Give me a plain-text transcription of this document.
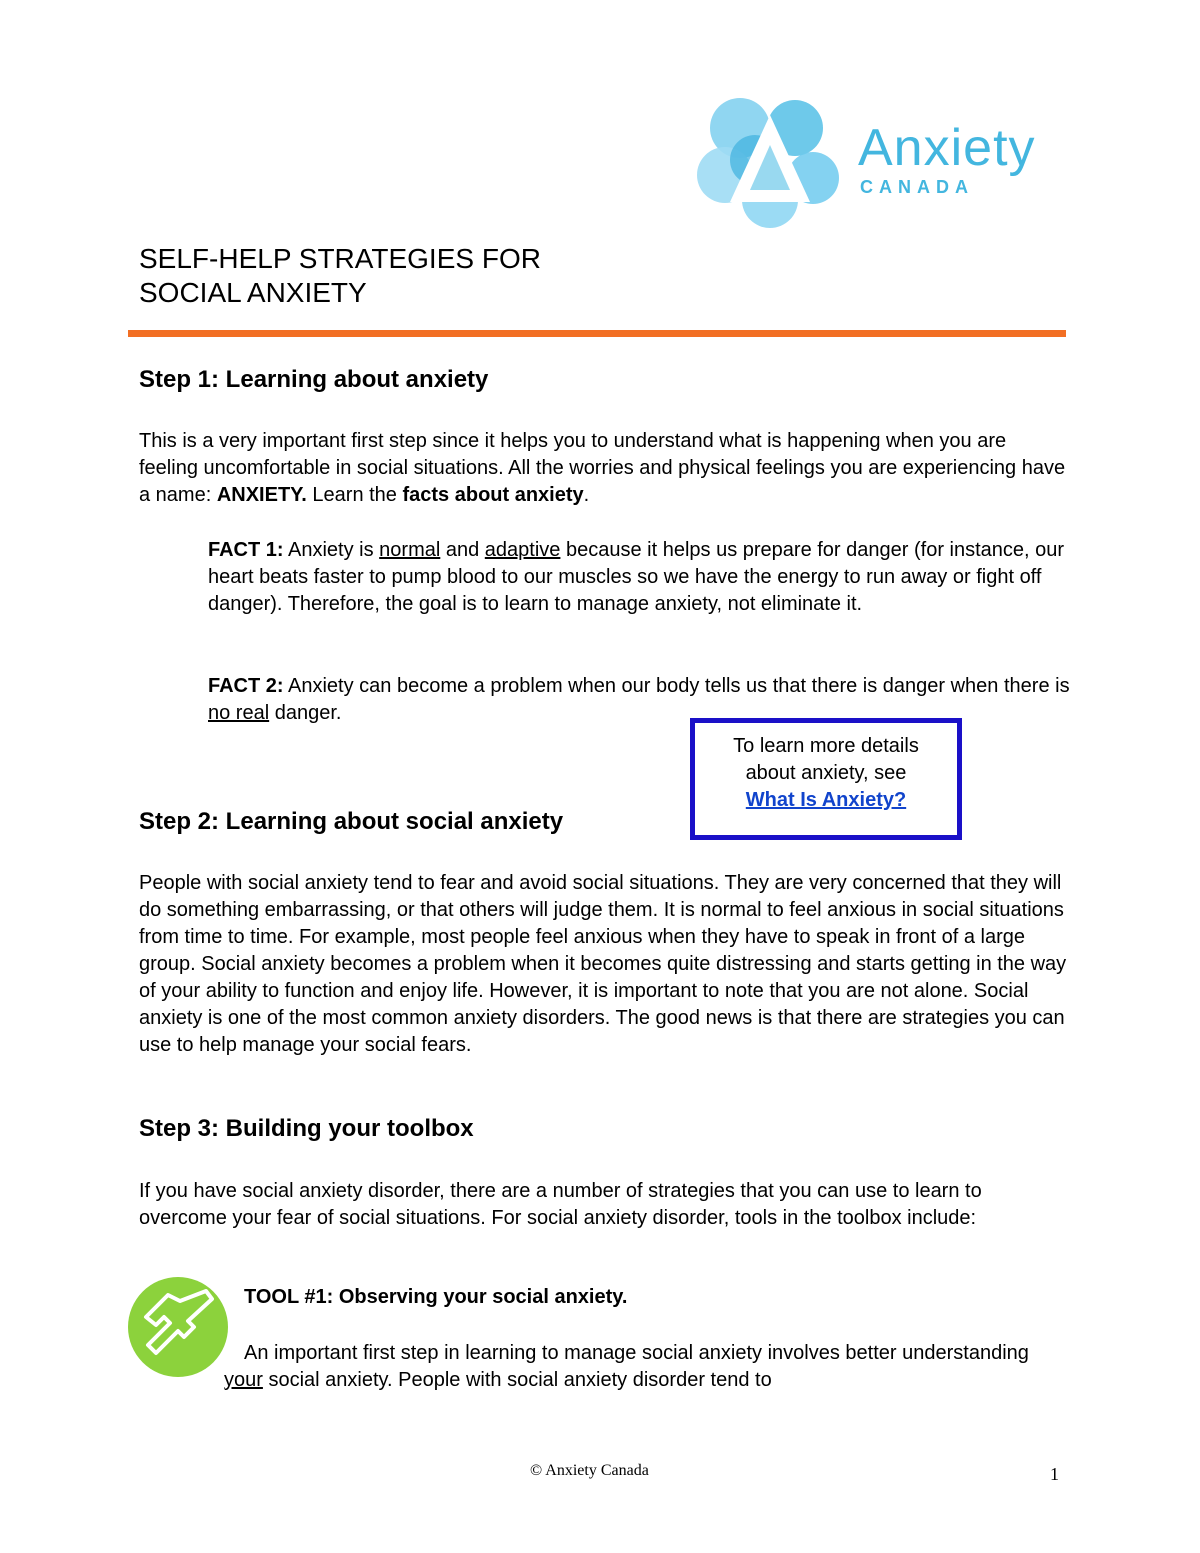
Anxiety
CANADA
SELF-HELP STRATEGIES FOR
SOCIAL ANXIETY
Step 1: Learning about anxiety
This is a very important first step since it helps you to understand what is happening when you are feeling uncomfortable in social situations. All the worries and physical feelings you are experiencing have a name: ANXIETY. Learn the facts about anxiety.
FACT 1: Anxiety is normal and adaptive because it helps us prepare for danger (for instance, our heart beats faster to pump blood to our muscles so we have the energy to run away or fight off danger). Therefore, the goal is to learn to manage anxiety, not eliminate it.
FACT 2: Anxiety can become a problem when our body tells us that there is danger when there is no real danger.
To learn more details
about anxiety, see
What Is Anxiety?
Step 2: Learning about social anxiety
People with social anxiety tend to fear and avoid social situations. They are very concerned that they will do something embarrassing, or that others will judge them. It is normal to feel anxious in social situations from time to time. For example, most people feel anxious when they have to speak in front of a large group. Social anxiety becomes a problem when it becomes quite distressing and starts getting in the way of your ability to function and enjoy life. However, it is important to note that you are not alone. Social anxiety is one of the most common anxiety disorders. The good news is that there are strategies you can use to help manage your social fears.
Step 3: Building your toolbox
If you have social anxiety disorder, there are a number of strategies that you can use to learn to overcome your fear of social situations. For social anxiety disorder, tools in the toolbox include:
TOOL #1: Observing your social anxiety.
An important first step in learning to manage social anxiety involves better understanding your social anxiety. People with social anxiety disorder tend to
© Anxiety Canada	1
